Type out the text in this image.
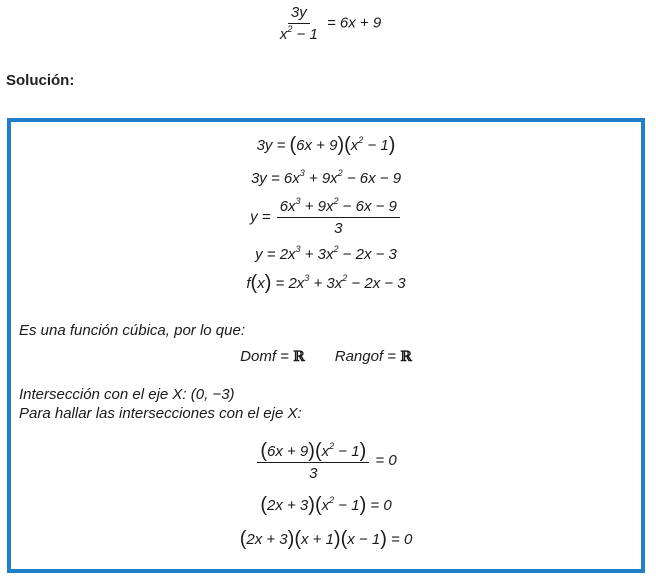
$\frac{3y}{x^2 - 1} = 6x + 9$
Solución:
$3y = (6x + 9)(x^2 - 1)$
$3y = 6x^3 + 9x^2 - 6x - 9$
$y = \frac{6x^3 + 9x^2 - 6x - 9}{3}$
$y = 2x^3 + 3x^2 - 2x - 3$
$f(x) = 2x^3 + 3x^2 - 2x - 3$
Es una función cúbica, por lo que:
Domf = ℝ Rangof = ℝ
Intersección con el eje X: (0, −3)
Para hallar las intersecciones con el eje X:
$\frac{(6x + 9)(x^2 - 1)}{3} = 0$
$(2x + 3)(x^2 - 1) = 0$
(2x + 3)(x + 1)(x − 1) = 0
